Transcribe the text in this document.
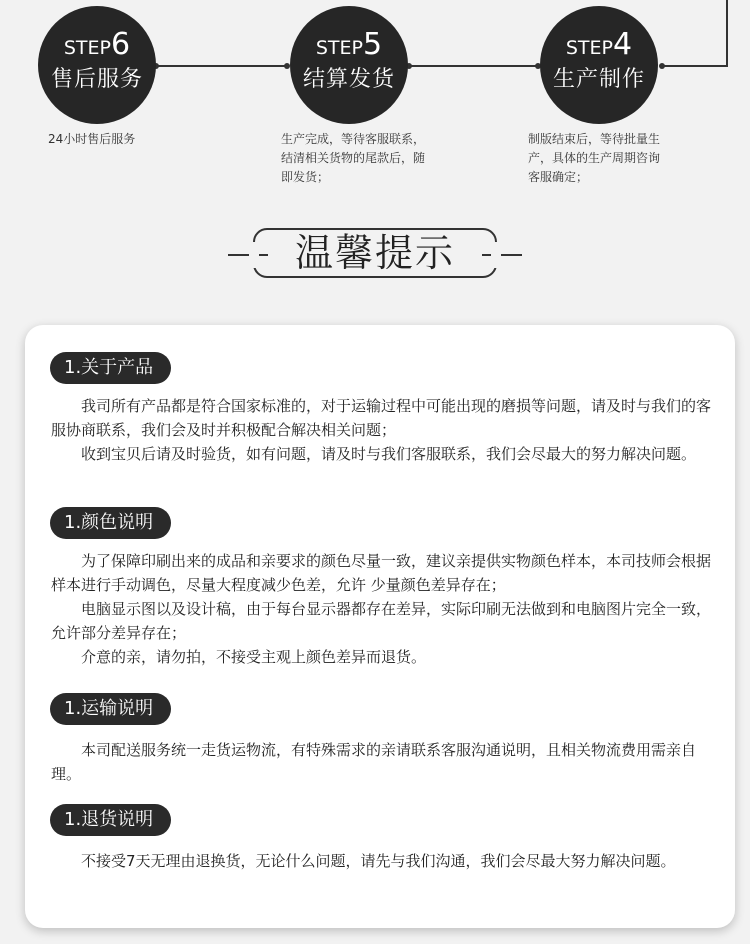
STEP6
售后服务
24小时售后服务
STEP5
结算发货
生产完成，等待客服联系，
结清相关货物的尾款后，随
即发货；
STEP4
生产制作
制版结束后，等待批量生
产，具体的生产周期咨询
客服确定；
温馨提示
1.关于产品

我司所有产品都是符合国家标准的，对于运输过程中可能出现的磨损等问题，请及时与我们的客服协商联系，我们会及时并积极配合解决相关问题；

收到宝贝后请及时验货，如有问题，请及时与我们客服联系，我们会尽最大的努力解决问题。

1.颜色说明

为了保障印刷出来的成品和亲要求的颜色尽量一致，建议亲提供实物颜色样本，本司技师会根据样本进行手动调色，尽量大程度减少色差，允许 少量颜色差异存在；

电脑显示图以及设计稿，由于每台显示器都存在差异，实际印刷无法做到和电脑图片完全一致，允许部分差异存在；

介意的亲，请勿拍，不接受主观上颜色差异而退货。

1.运输说明

本司配送服务统一走货运物流，有特殊需求的亲请联系客服沟通说明，且相关物流费用需亲自理。

1.退货说明

不接受7天无理由退换货，无论什么问题，请先与我们沟通，我们会尽最大努力解决问题。
